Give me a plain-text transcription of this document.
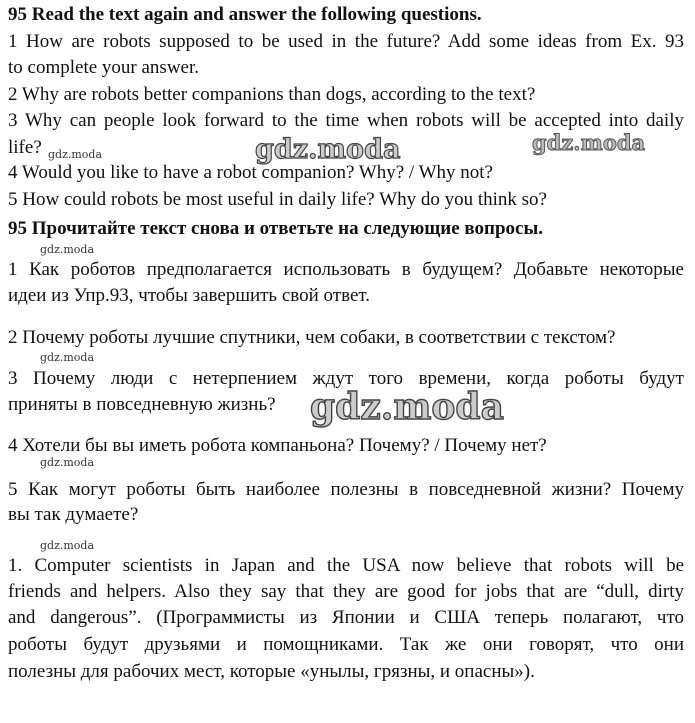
95 Read the text again and answer the following questions.
1 How are robots supposed to be used in the future? Add some ideas from Ex. 93
to complete your answer.
2 Why are robots better companions than dogs, according to the text?
3 Why can people look forward to the time when robots will be accepted into daily
life?
4 Would you like to have a robot companion? Why? / Why not?
5 How could robots be most useful in daily life? Why do you think so?
95 Прочитайте текст снова и ответьте на следующие вопросы.
1 Как роботов предполагается использовать в будущем? Добавьте некоторые
идеи из Упр.93, чтобы завершить свой ответ.
2 Почему роботы лучшие спутники, чем собаки, в соответствии с текстом?
3 Почему люди с нетерпением ждут того времени, когда роботы будут
приняты в повседневную жизнь?
4 Хотели бы вы иметь робота компаньона? Почему? / Почему нет?
5 Как могут роботы быть наиболее полезны в повседневной жизни? Почему
вы так думаете?
1. Computer scientists in Japan and the USA now believe that robots will be
friends and helpers. Also they say that they are good for jobs that are “dull, dirty
and dangerous”. (Программисты из Японии и США теперь полагают, что
роботы будут друзьями и помощниками. Так же они говорят, что они
полезны для рабочих мест, которые «унылы, грязны, и опасны»).
gdz.moda	gdz.moda	gdz.moda
gdz.moda
gdz.moda
gdz.moda
gdz.moda
gdz.moda
